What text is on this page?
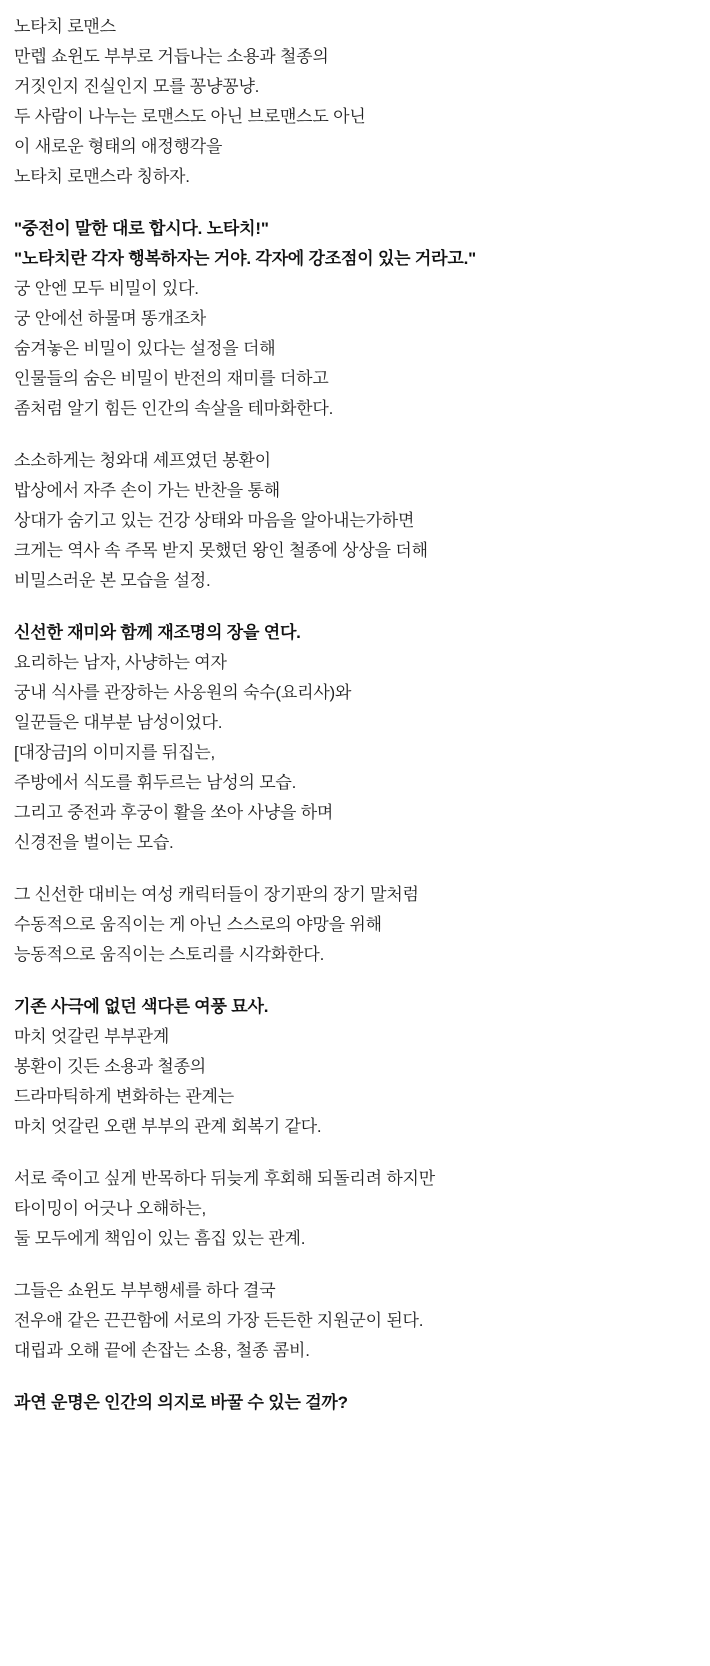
노타치 로맨스
만렙 쇼윈도 부부로 거듭나는 소용과 철종의
거짓인지 진실인지 모를 꽁냥꽁냥.
두 사람이 나누는 로맨스도 아닌 브로맨스도 아닌
이 새로운 형태의 애정행각을
노타치 로맨스라 칭하자.
"중전이 말한 대로 합시다. 노타치!"
"노타치란 각자 행복하자는 거야. 각자에 강조점이 있는 거라고."
궁 안엔 모두 비밀이 있다.
궁 안에선 하물며 똥개조차
숨겨놓은 비밀이 있다는 설정을 더해
인물들의 숨은 비밀이 반전의 재미를 더하고
좀처럼 알기 힘든 인간의 속살을 테마화한다.
소소하게는 청와대 셰프였던 봉환이
밥상에서 자주 손이 가는 반찬을 통해
상대가 숨기고 있는 건강 상태와 마음을 알아내는가하면
크게는 역사 속 주목 받지 못했던 왕인 철종에 상상을 더해
비밀스러운 본 모습을 설정.
신선한 재미와 함께 재조명의 장을 연다.
요리하는 남자, 사냥하는 여자
궁내 식사를 관장하는 사옹원의 숙수(요리사)와
일꾼들은 대부분 남성이었다.
[대장금]의 이미지를 뒤집는,
주방에서 식도를 휘두르는 남성의 모습.
그리고 중전과 후궁이 활을 쏘아 사냥을 하며
신경전을 벌이는 모습.
그 신선한 대비는 여성 캐릭터들이 장기판의 장기 말처럼
수동적으로 움직이는 게 아닌 스스로의 야망을 위해
능동적으로 움직이는 스토리를 시각화한다.
기존 사극에 없던 색다른 여풍 묘사.
마치 엇갈린 부부관계
봉환이 깃든 소용과 철종의
드라마틱하게 변화하는 관계는
마치 엇갈린 오랜 부부의 관계 회복기 같다.
서로 죽이고 싶게 반목하다 뒤늦게 후회해 되돌리려 하지만
타이밍이 어긋나 오해하는,
둘 모두에게 책임이 있는 흠집 있는 관계.
그들은 쇼윈도 부부행세를 하다 결국
전우애 같은 끈끈함에 서로의 가장 든든한 지원군이 된다.
대립과 오해 끝에 손잡는 소용, 철종 콤비.
과연 운명은 인간의 의지로 바꿀 수 있는 걸까?
